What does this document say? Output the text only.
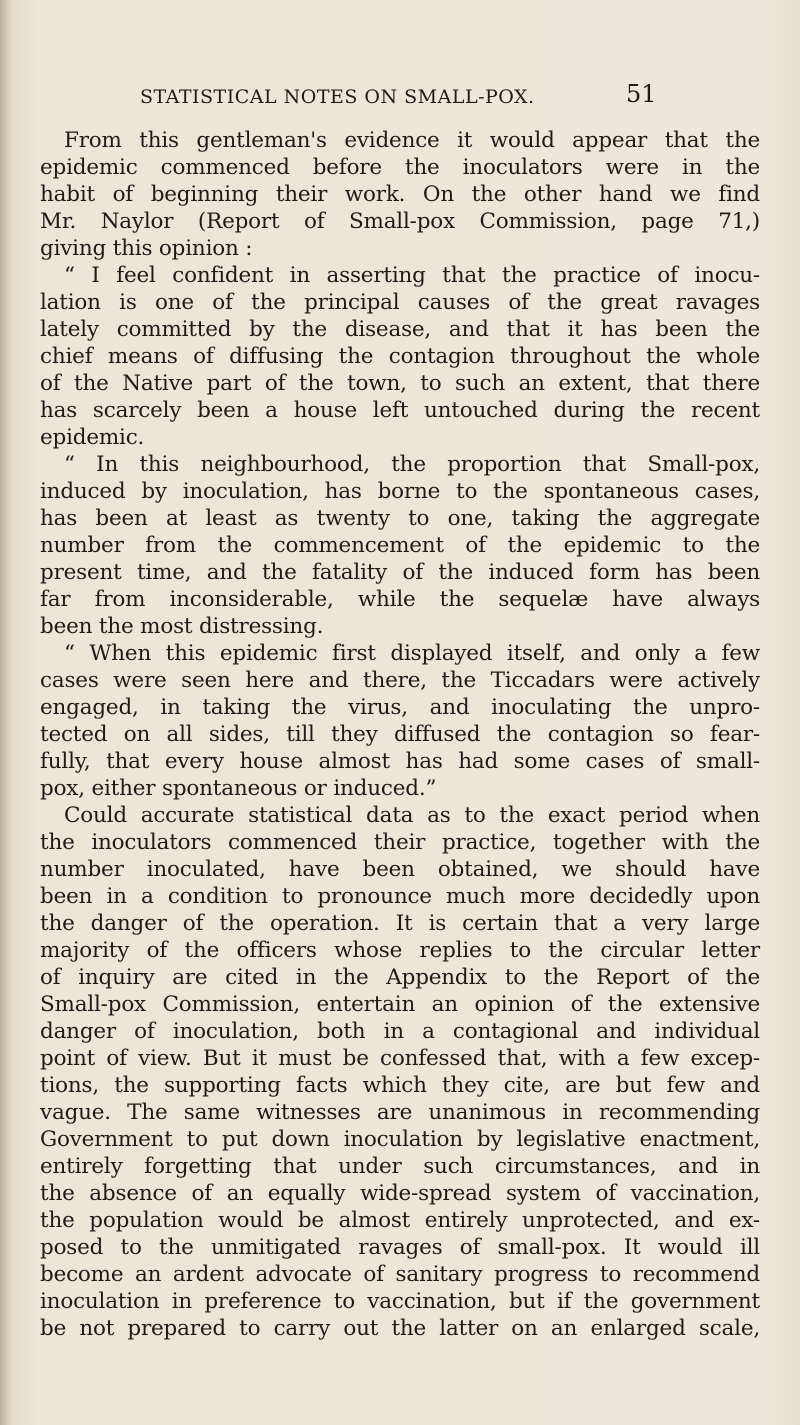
STATISTICAL NOTES ON SMALL-POX.	51
From this gentleman's evidence it would appear that the
epidemic commenced before the inoculators were in the
habit of beginning their work. On the other hand we find
Mr. Naylor (Report of Small-pox Commission, page 71,)
giving this opinion :
“ I feel confident in asserting that the practice of inocu-
lation is one of the principal causes of the great ravages
lately committed by the disease, and that it has been the
chief means of diffusing the contagion throughout the whole
of the Native part of the town, to such an extent, that there
has scarcely been a house left untouched during the recent
epidemic.
“ In this neighbourhood, the proportion that Small-pox,
induced by inoculation, has borne to the spontaneous cases,
has been at least as twenty to one, taking the aggregate
number from the commencement of the epidemic to the
present time, and the fatality of the induced form has been
far from inconsiderable, while the sequelæ have always
been the most distressing.
“ When this epidemic first displayed itself, and only a few
cases were seen here and there, the Ticcadars were actively
engaged, in taking the virus, and inoculating the unpro-
tected on all sides, till they diffused the contagion so fear-
fully, that every house almost has had some cases of small-
pox, either spontaneous or induced.”
Could accurate statistical data as to the exact period when
the inoculators commenced their practice, together with the
number inoculated, have been obtained, we should have
been in a condition to pronounce much more decidedly upon
the danger of the operation. It is certain that a very large
majority of the officers whose replies to the circular letter
of inquiry are cited in the Appendix to the Report of the
Small-pox Commission, entertain an opinion of the extensive
danger of inoculation, both in a contagional and individual
point of view. But it must be confessed that, with a few excep-
tions, the supporting facts which they cite, are but few and
vague. The same witnesses are unanimous in recommending
Government to put down inoculation by legislative enactment,
entirely forgetting that under such circumstances, and in
the absence of an equally wide-spread system of vaccination,
the population would be almost entirely unprotected, and ex-
posed to the unmitigated ravages of small-pox. It would ill
become an ardent advocate of sanitary progress to recommend
inoculation in preference to vaccination, but if the government
be not prepared to carry out the latter on an enlarged scale,
